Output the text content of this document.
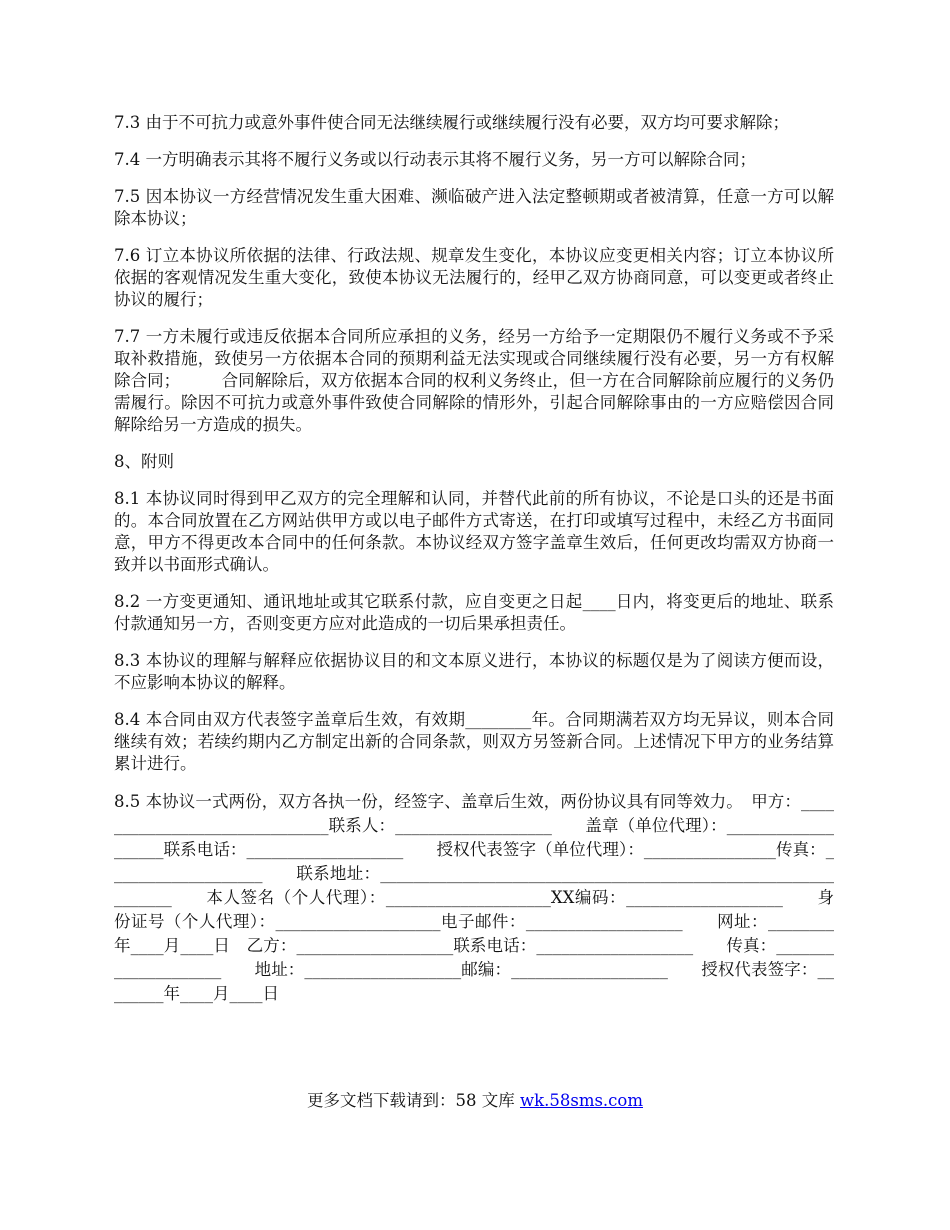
7.3 由于不可抗力或意外事件使合同无法继续履行或继续履行没有必要，双方均可要求解除；

7.4 一方明确表示其将不履行义务或以行动表示其将不履行义务，另一方可以解除合同；

7.5 因本协议一方经营情况发生重大困难、濒临破产进入法定整顿期或者被清算，任意一方可以解除本协议；

7.6 订立本协议所依据的法律、行政法规、规章发生变化，本协议应变更相关内容；订立本协议所依据的客观情况发生重大变化，致使本协议无法履行的，经甲乙双方协商同意，可以变更或者终止协议的履行；

7.7 一方未履行或违反依据本合同所应承担的义务，经另一方给予一定期限仍不履行义务或不予采取补救措施，致使另一方依据本合同的预期利益无法实现或合同继续履行没有必要，另一方有权解除合同；　　　合同解除后，双方依据本合同的权利义务终止，但一方在合同解除前应履行的义务仍需履行。除因不可抗力或意外事件致使合同解除的情形外，引起合同解除事由的一方应赔偿因合同解除给另一方造成的损失。

8、附则

8.1 本协议同时得到甲乙双方的完全理解和认同，并替代此前的所有协议，不论是口头的还是书面的。本合同放置在乙方网站供甲方或以电子邮件方式寄送，在打印或填写过程中，未经乙方书面同意，甲方不得更改本合同中的任何条款。本协议经双方签字盖章生效后，任何更改均需双方协商一致并以书面形式确认。

8.2 一方变更通知、通讯地址或其它联系付款，应自变更之日起____日内，将变更后的地址、联系付款通知另一方，否则变更方应对此造成的一切后果承担责任。

8.3 本协议的理解与解释应依据协议目的和文本原义进行，本协议的标题仅是为了阅读方便而设，不应影响本协议的解释。

8.4 本合同由双方代表签字盖章后生效，有效期________年。合同期满若双方均无异议，则本合同继续有效；若续约期内乙方制定出新的合同条款，则双方另签新合同。上述情况下甲方的业务结算累计进行。

8.5 本协议一式两份，双方各执一份，经签字、盖章后生效，两份协议具有同等效力。　甲方：______________________________联系人：___________________　　盖章（单位代理）：___________________联系电话：___________________　　授权代表签字（单位代理）：________________传真：___________________　　联系地址：______________________________________________________________　　本人签名（个人代理）：____________________XX编码：___________________　　身份证号（个人代理）：____________________电子邮件：___________________　　网址：________年____月____日　乙方：___________________联系电话：___________________　　传真：____________________　　地址：___________________邮编：___________________　　授权代表签字：________年____月____日

更多文档下载请到：58 文库 wk.58sms.com
